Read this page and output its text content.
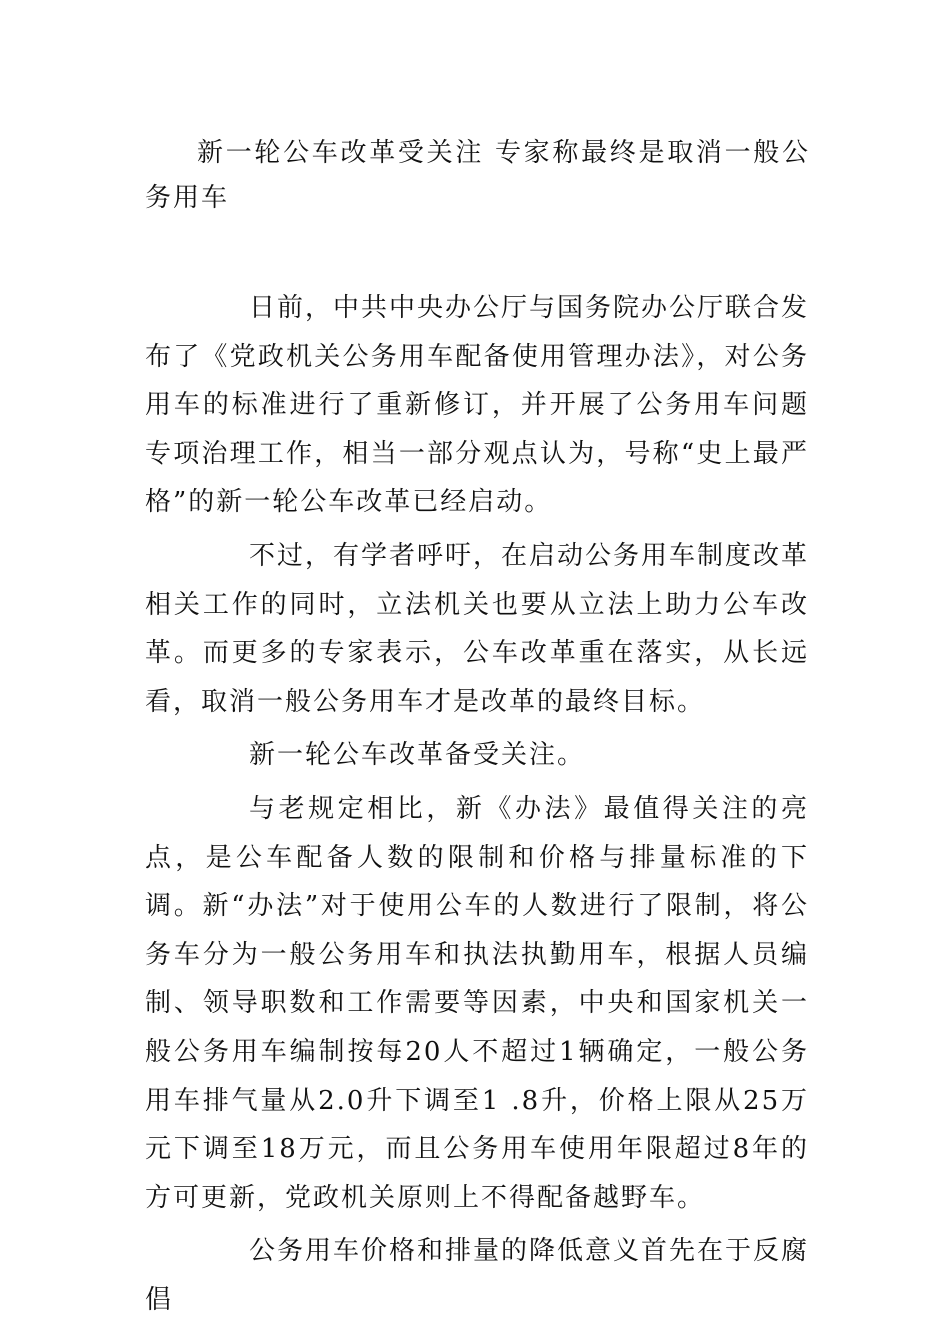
新一轮公车改革受关注 专家称最终是取消一般公务用车

日前，中共中央办公厅与国务院办公厅联合发布了《党政机关公务用车配备使用管理办法》，对公务用车的标准进行了重新修订，并开展了公务用车问题专项治理工作，相当一部分观点认为，号称“史上最严格”的新一轮公车改革已经启动。

不过，有学者呼吁，在启动公务用车制度改革相关工作的同时，立法机关也要从立法上助力公车改革。而更多的专家表示，公车改革重在落实，从长远看，取消一般公务用车才是改革的最终目标。

新一轮公车改革备受关注。

与老规定相比，新《办法》最值得关注的亮点，是公车配备人数的限制和价格与排量标准的下调。新“办法”对于使用公车的人数进行了限制，将公务车分为一般公务用车和执法执勤用车，根据人员编制、领导职数和工作需要等因素，中央和国家机关一般公务用车编制按每20人不超过1辆确定，一般公务用车排气量从2.0升下调至1 .8升，价格上限从25万元下调至18万元，而且公务用车使用年限超过8年的方可更新，党政机关原则上不得配备越野车。

公务用车价格和排量的降低意义首先在于反腐倡
